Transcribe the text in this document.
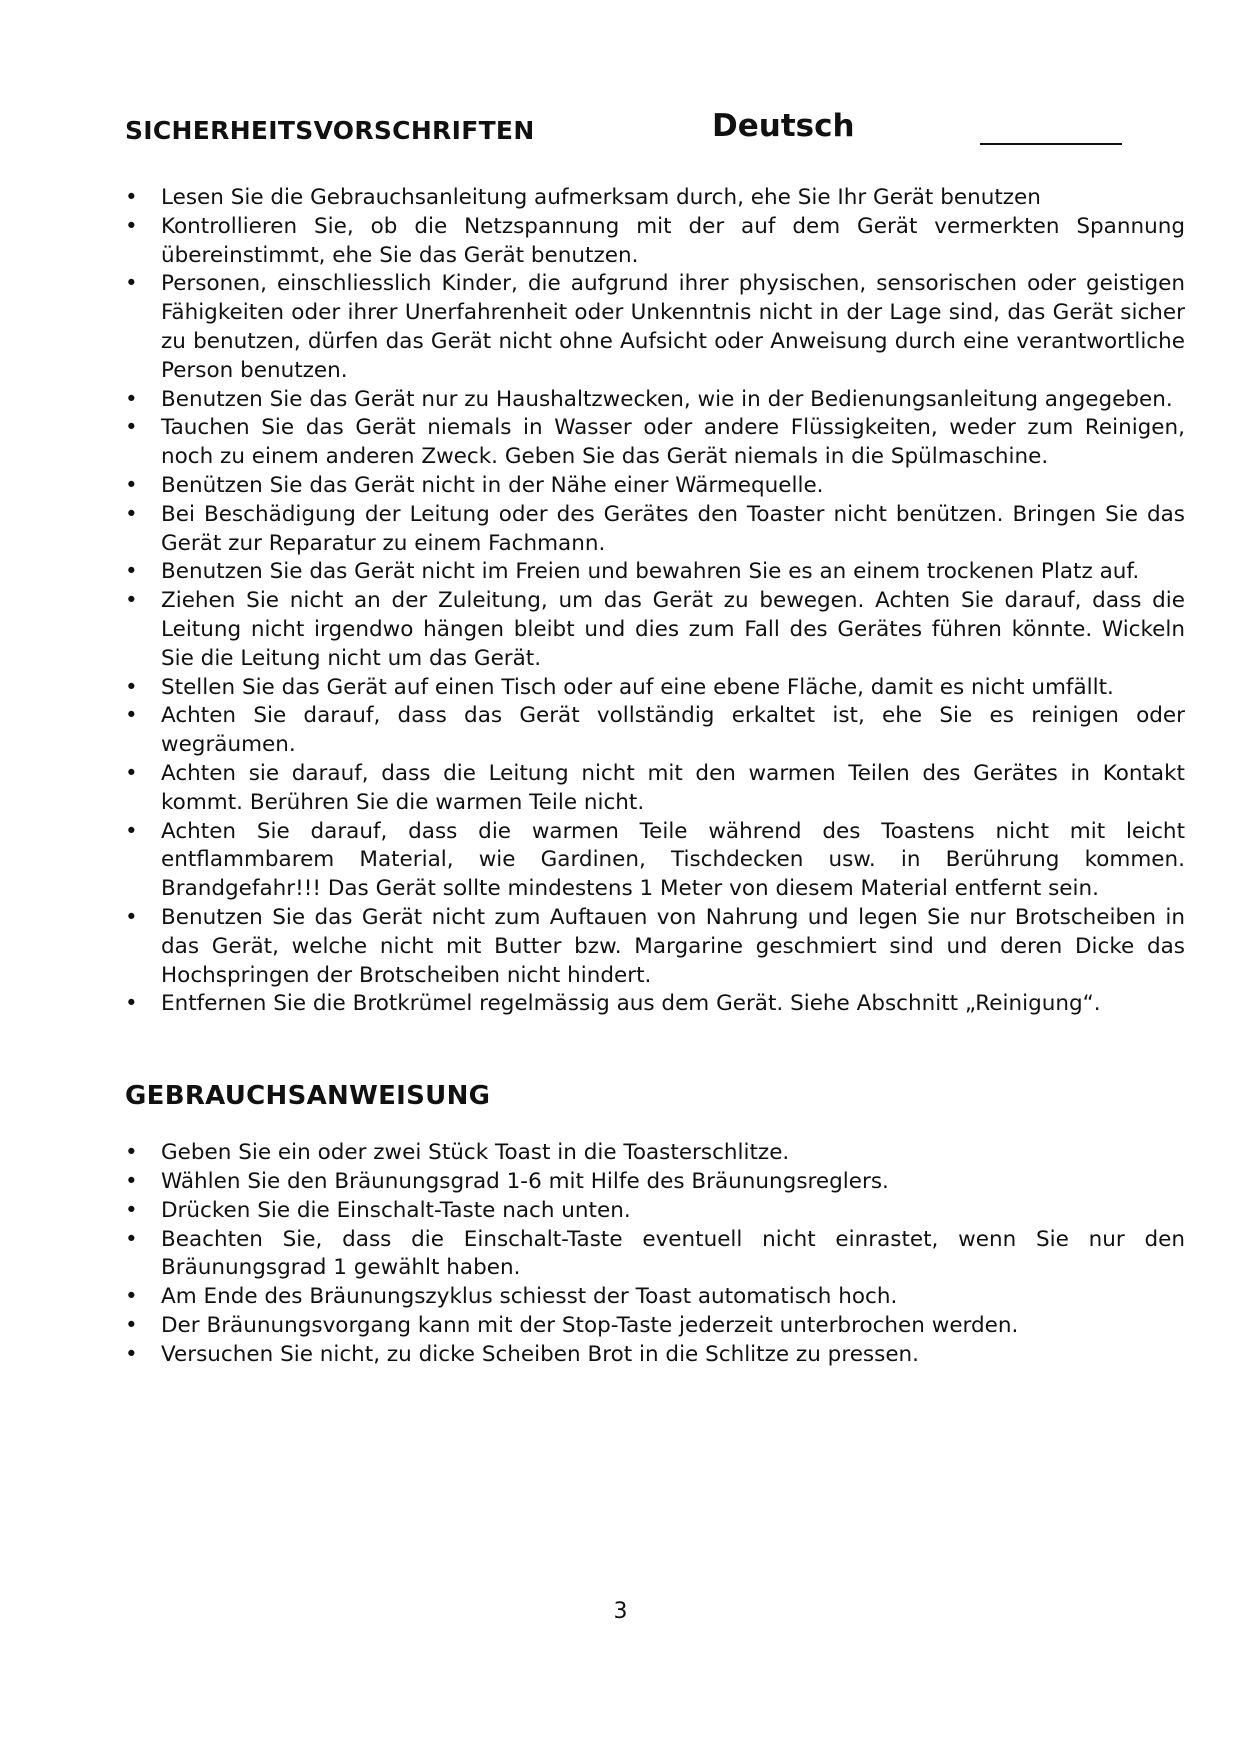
SICHERHEITSVORSCHRIFTEN	Deutsch
• Lesen Sie die Gebrauchsanleitung aufmerksam durch, ehe Sie Ihr Gerät benutzen
• Kontrollieren Sie, ob die Netzspannung mit der auf dem Gerät vermerkten Spannung übereinstimmt, ehe Sie das Gerät benutzen.
• Personen, einschliesslich Kinder, die aufgrund ihrer physischen, sensorischen oder geistigen Fähigkeiten oder ihrer Unerfahrenheit oder Unkenntnis nicht in der Lage sind, das Gerät sicher zu benutzen, dürfen das Gerät nicht ohne Aufsicht oder Anweisung durch eine verantwortliche Person benutzen.
• Benutzen Sie das Gerät nur zu Haushaltzwecken, wie in der Bedienungsanleitung angegeben.
• Tauchen Sie das Gerät niemals in Wasser oder andere Flüssigkeiten, weder zum Reinigen, noch zu einem anderen Zweck. Geben Sie das Gerät niemals in die Spülmaschine.
• Benützen Sie das Gerät nicht in der Nähe einer Wärmequelle.
• Bei Beschädigung der Leitung oder des Gerätes den Toaster nicht benützen. Bringen Sie das Gerät zur Reparatur zu einem Fachmann.
• Benutzen Sie das Gerät nicht im Freien und bewahren Sie es an einem trockenen Platz auf.
• Ziehen Sie nicht an der Zuleitung, um das Gerät zu bewegen. Achten Sie darauf, dass die Leitung nicht irgendwo hängen bleibt und dies zum Fall des Gerätes führen könnte. Wickeln Sie die Leitung nicht um das Gerät.
• Stellen Sie das Gerät auf einen Tisch oder auf eine ebene Fläche, damit es nicht umfällt.
• Achten Sie darauf, dass das Gerät vollständig erkaltet ist, ehe Sie es reinigen oder wegräumen.
• Achten sie darauf, dass die Leitung nicht mit den warmen Teilen des Gerätes in Kontakt kommt. Berühren Sie die warmen Teile nicht.
• Achten Sie darauf, dass die warmen Teile während des Toastens nicht mit leicht entflammbarem Material, wie Gardinen, Tischdecken usw. in Berührung kommen. Brandgefahr!!! Das Gerät sollte mindestens 1 Meter von diesem Material entfernt sein.
• Benutzen Sie das Gerät nicht zum Auftauen von Nahrung und legen Sie nur Brotscheiben in das Gerät, welche nicht mit Butter bzw. Margarine geschmiert sind und deren Dicke das Hochspringen der Brotscheiben nicht hindert.
• Entfernen Sie die Brotkrümel regelmässig aus dem Gerät. Siehe Abschnitt „Reinigung“.
GEBRAUCHSANWEISUNG
• Geben Sie ein oder zwei Stück Toast in die Toasterschlitze.
• Wählen Sie den Bräunungsgrad 1-6 mit Hilfe des Bräunungsreglers.
• Drücken Sie die Einschalt-Taste nach unten.
• Beachten Sie, dass die Einschalt-Taste eventuell nicht einrastet, wenn Sie nur den Bräunungsgrad 1 gewählt haben.
• Am Ende des Bräunungszyklus schiesst der Toast automatisch hoch.
• Der Bräunungsvorgang kann mit der Stop-Taste jederzeit unterbrochen werden.
• Versuchen Sie nicht, zu dicke Scheiben Brot in die Schlitze zu pressen.
3
